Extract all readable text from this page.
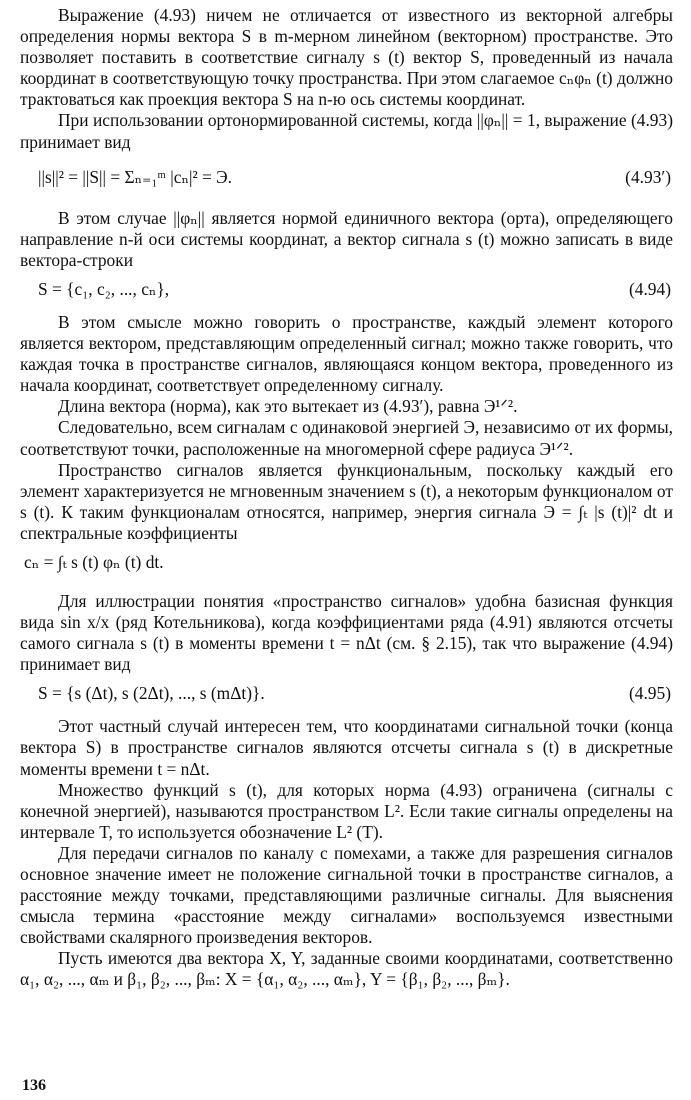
Выражение (4.93) ничем не отличается от известного из векторной алгебры определения нормы вектора S в m-мерном линейном (векторном) пространстве. Это позволяет поставить в соответствие сигналу s (t) вектор S, проведенный из начала координат в соответствующую точку пространства. При этом слагаемое cₙφₙ (t) должно трактоваться как проекция вектора S на n-ю ось системы координат.

При использовании ортонормированной системы, когда ||φₙ|| = 1, выражение (4.93) принимает вид

||s||² = ||S|| = Σₙ₌₁ᵐ |cₙ|² = Э.	(4.93′)

В этом случае ||φₙ|| является нормой единичного вектора (орта), определяющего направление n-й оси системы координат, а вектор сигнала s (t) можно записать в виде вектора-строки

S = {c₁, c₂, ..., cₙ},	(4.94)

В этом смысле можно говорить о пространстве, каждый элемент которого является вектором, представляющим определенный сигнал; можно также говорить, что каждая точка в пространстве сигналов, являющаяся концом вектора, проведенного из начала координат, соответствует определенному сигналу.

Длина вектора (норма), как это вытекает из (4.93′), равна Э¹ᐟ².

Следовательно, всем сигналам с одинаковой энергией Э, независимо от их формы, соответствуют точки, расположенные на многомерной сфере радиуса Э¹ᐟ².

Пространство сигналов является функциональным, поскольку каждый его элемент характеризуется не мгновенным значением s (t), а некоторым функционалом от s (t). К таким функционалам относятся, например, энергия сигнала Э = ∫ₜ |s (t)|² dt и спектральные коэффициенты

cₙ = ∫ₜ s (t) φₙ (t) dt.

Для иллюстрации понятия «пространство сигналов» удобна базисная функция вида sin x/x (ряд Котельникова), когда коэффициентами ряда (4.91) являются отсчеты самого сигнала s (t) в моменты времени t = nΔt (см. § 2.15), так что выражение (4.94) принимает вид

S = {s (Δt), s (2Δt), ..., s (mΔt)}.	(4.95)

Этот частный случай интересен тем, что координатами сигнальной точки (конца вектора S) в пространстве сигналов являются отсчеты сигнала s (t) в дискретные моменты времени t = nΔt.

Множество функций s (t), для которых норма (4.93) ограничена (сигналы с конечной энергией), называются пространством L². Если такие сигналы определены на интервале T, то используется обозначение L² (T).

Для передачи сигналов по каналу с помехами, а также для разрешения сигналов основное значение имеет не положение сигнальной точки в пространстве сигналов, а расстояние между точками, представляющими различные сигналы. Для выяснения смысла термина «расстояние между сигналами» воспользуемся известными свойствами скалярного произведения векторов.

Пусть имеются два вектора X, Y, заданные своими координатами, соответственно α₁, α₂, ..., αₘ и β₁, β₂, ..., βₘ: X = {α₁, α₂, ..., αₘ}, Y = {β₁, β₂, ..., βₘ}.

136
